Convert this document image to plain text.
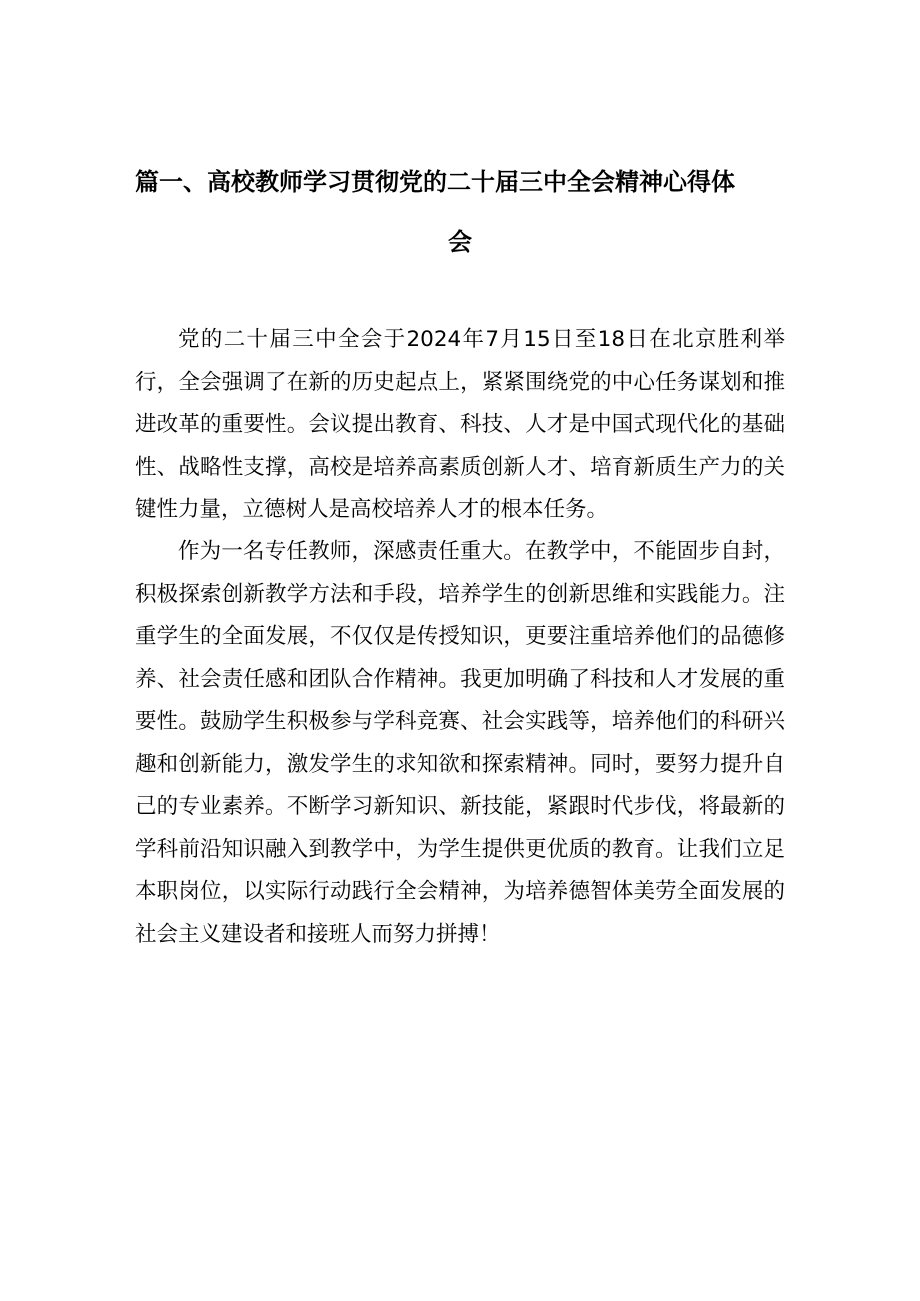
篇一、高校教师学习贯彻党的二十届三中全会精神心得体
会

党的二十届三中全会于2024年7月15日至18日在北京胜利举行，全会强调了在新的历史起点上，紧紧围绕党的中心任务谋划和推进改革的重要性。会议提出教育、科技、人才是中国式现代化的基础性、战略性支撑，高校是培养高素质创新人才、培育新质生产力的关键性力量，立德树人是高校培养人才的根本任务。

作为一名专任教师，深感责任重大。在教学中，不能固步自封，积极探索创新教学方法和手段，培养学生的创新思维和实践能力。注重学生的全面发展，不仅仅是传授知识，更要注重培养他们的品德修养、社会责任感和团队合作精神。我更加明确了科技和人才发展的重要性。鼓励学生积极参与学科竞赛、社会实践等，培养他们的科研兴趣和创新能力，激发学生的求知欲和探索精神。同时，要努力提升自己的专业素养。不断学习新知识、新技能，紧跟时代步伐，将最新的学科前沿知识融入到教学中，为学生提供更优质的教育。让我们立足本职岗位，以实际行动践行全会精神，为培养德智体美劳全面发展的社会主义建设者和接班人而努力拼搏！
